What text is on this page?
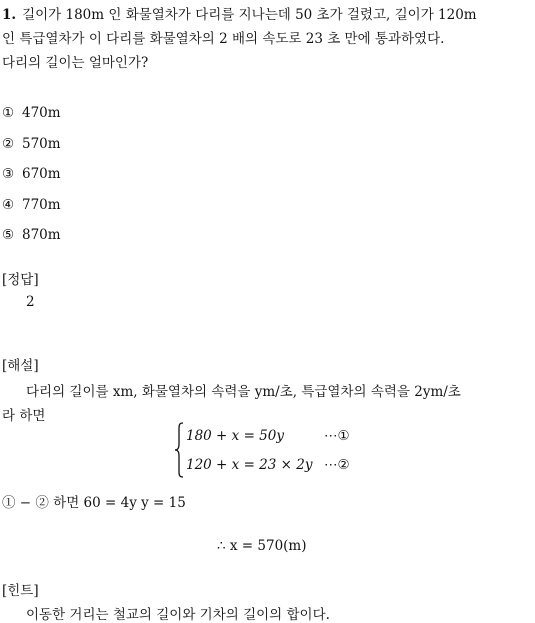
1. 길이가 180m 인 화물열차가 다리를 지나는데 50 초가 걸렸고, 길이가 120m
인 특급열차가 이 다리를 화물열차의 2 배의 속도로 23 초 만에 통과하였다.
다리의 길이는 얼마인가?
① 470m
② 570m
③ 670m
④ 770m
⑤ 870m
[정답]
2
[해설]
다리의 길이를 xm, 화물열차의 속력을 ym/초, 특급열차의 속력을 2ym/초
라 하면
180 + x = 50y	⋯①
120 + x = 23 × 2y ⋯②
① − ② 하면 60 = 4y y = 15
∴ x = 570(m)
[힌트]
이동한 거리는 철교의 길이와 기차의 길이의 합이다.
